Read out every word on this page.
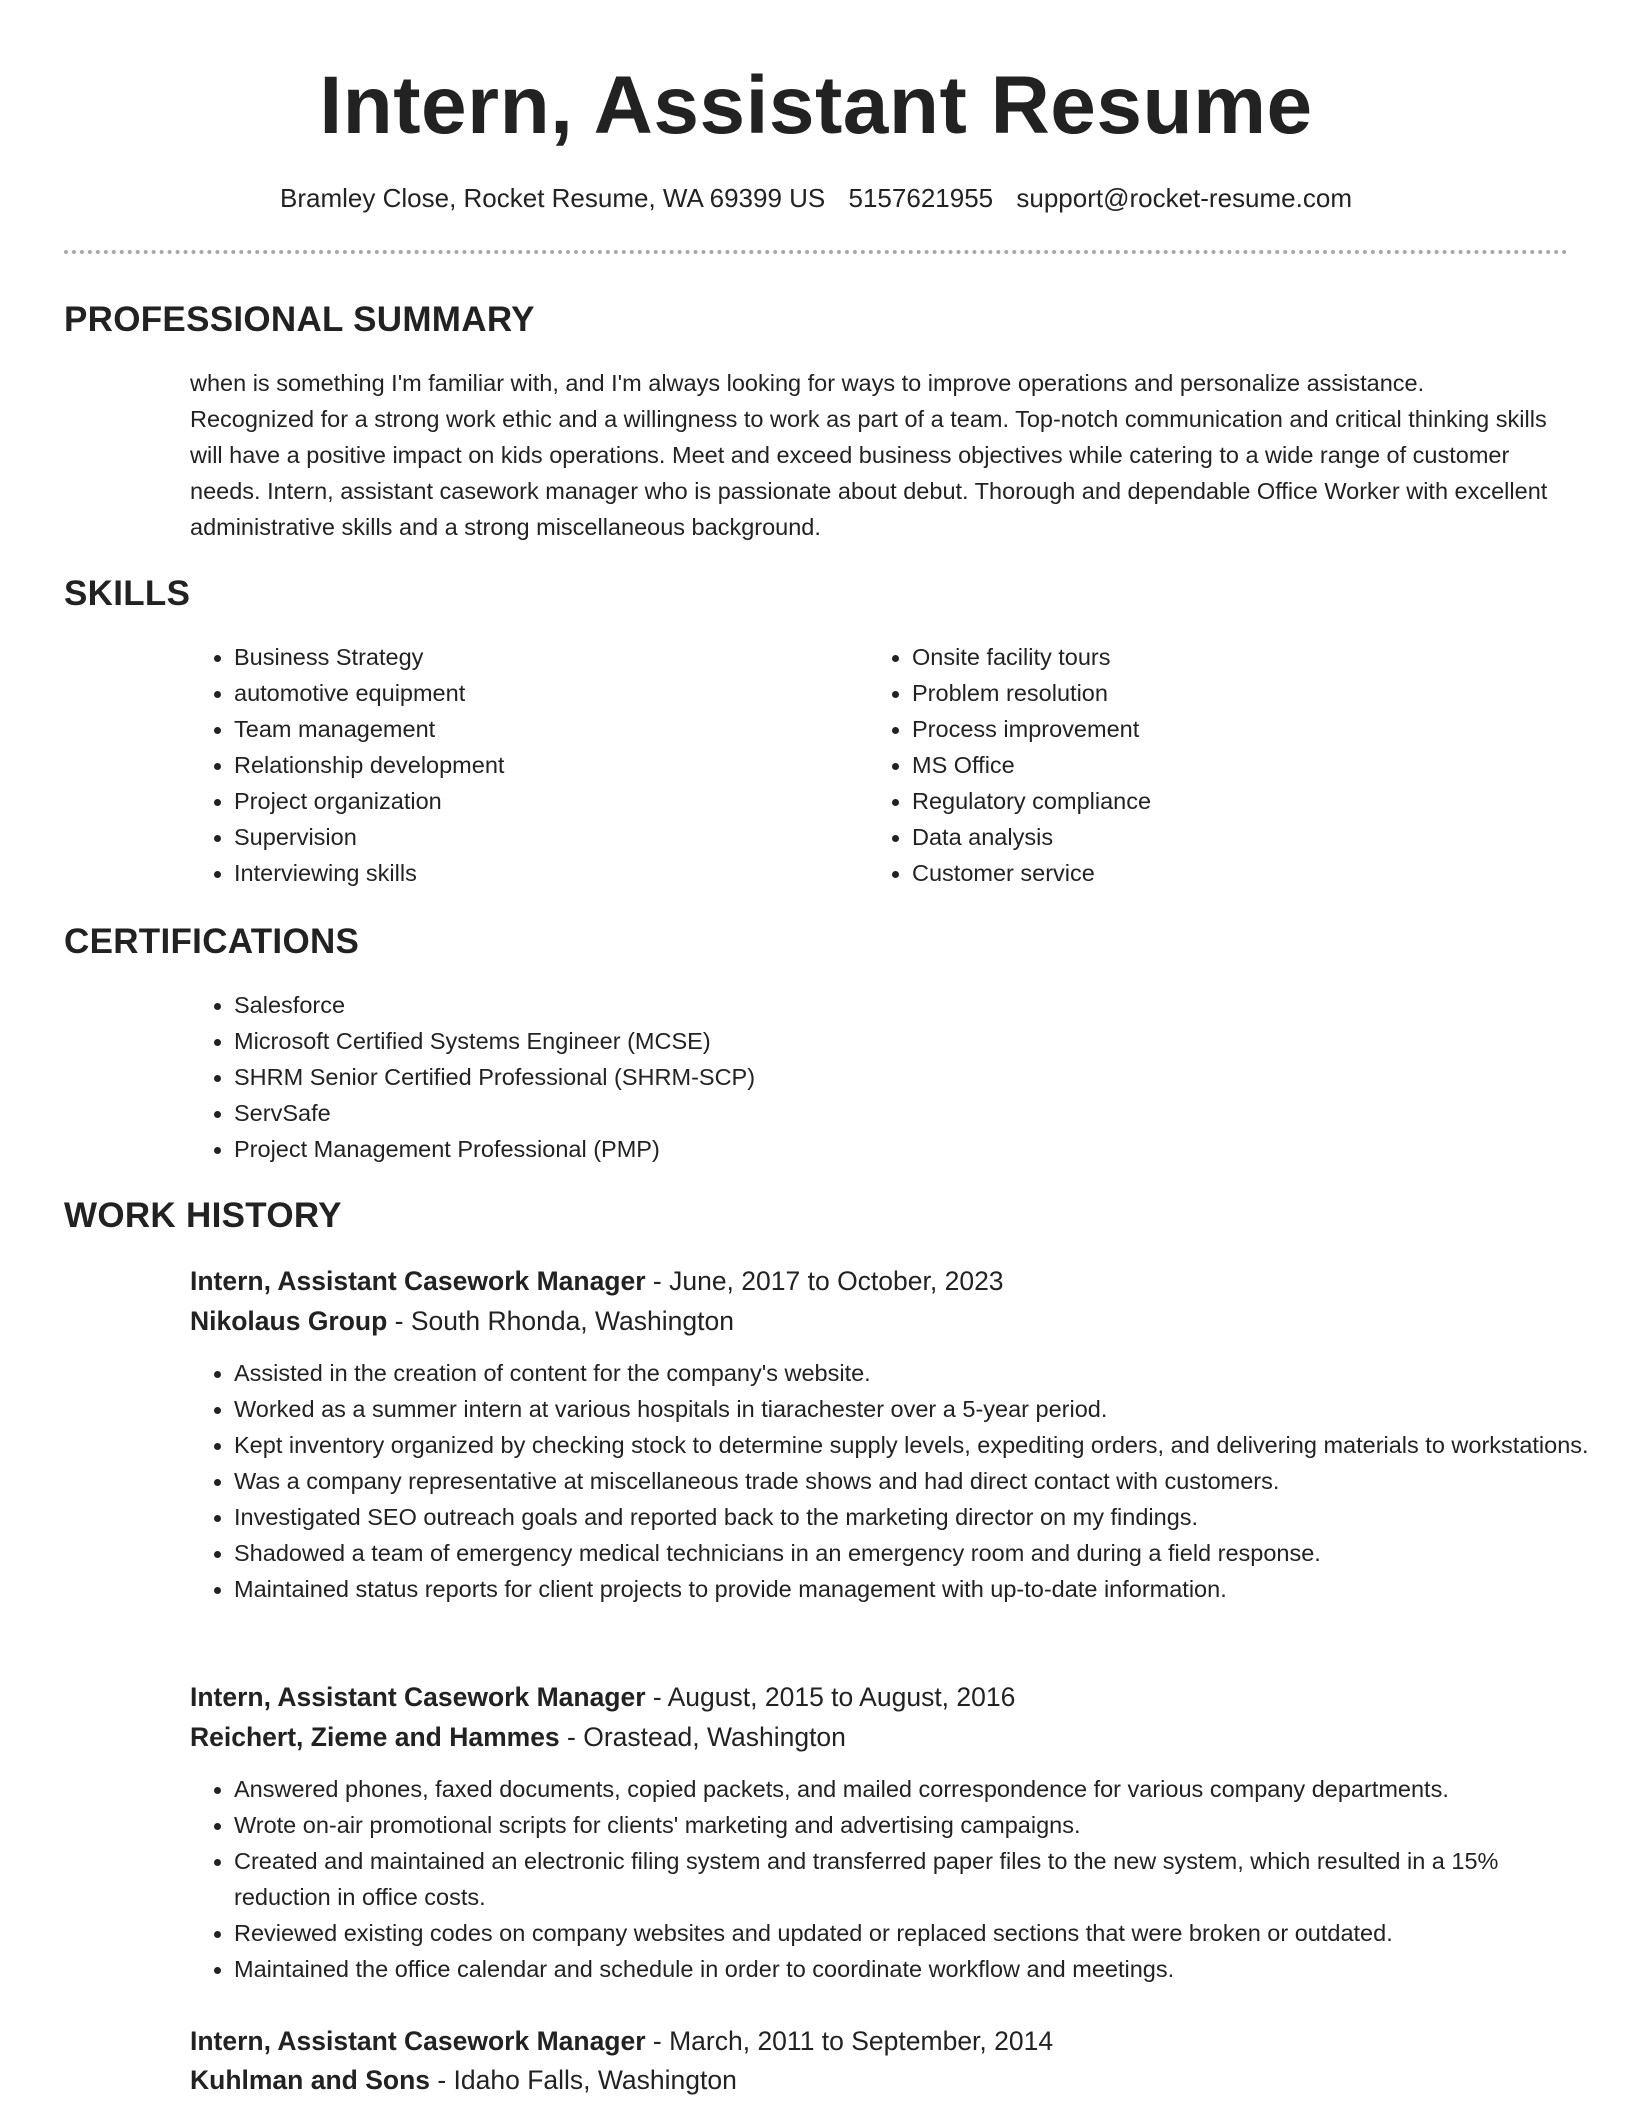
Intern, Assistant Resume
Bramley Close, Rocket Resume, WA 69399 US 5157621955 support@rocket-resume.com
PROFESSIONAL SUMMARY
when is something I'm familiar with, and I'm always looking for ways to improve operations and personalize assistance. Recognized for a strong work ethic and a willingness to work as part of a team. Top-notch communication and critical thinking skills will have a positive impact on kids operations. Meet and exceed business objectives while catering to a wide range of customer needs. Intern, assistant casework manager who is passionate about debut. Thorough and dependable Office Worker with excellent administrative skills and a strong miscellaneous background.
SKILLS
• Business Strategy
• automotive equipment
• Team management
• Relationship development
• Project organization
• Supervision
• Interviewing skills
• Onsite facility tours
• Problem resolution
• Process improvement
• MS Office
• Regulatory compliance
• Data analysis
• Customer service
CERTIFICATIONS
• Salesforce
• Microsoft Certified Systems Engineer (MCSE)
• SHRM Senior Certified Professional (SHRM-SCP)
• ServSafe
• Project Management Professional (PMP)
WORK HISTORY
Intern, Assistant Casework Manager - June, 2017 to October, 2023
Nikolaus Group - South Rhonda, Washington
• Assisted in the creation of content for the company's website.
• Worked as a summer intern at various hospitals in tiarachester over a 5-year period.
• Kept inventory organized by checking stock to determine supply levels, expediting orders, and delivering materials to workstations.
• Was a company representative at miscellaneous trade shows and had direct contact with customers.
• Investigated SEO outreach goals and reported back to the marketing director on my findings.
• Shadowed a team of emergency medical technicians in an emergency room and during a field response.
• Maintained status reports for client projects to provide management with up-to-date information.
Intern, Assistant Casework Manager - August, 2015 to August, 2016
Reichert, Zieme and Hammes - Orastead, Washington
• Answered phones, faxed documents, copied packets, and mailed correspondence for various company departments.
• Wrote on-air promotional scripts for clients' marketing and advertising campaigns.
• Created and maintained an electronic filing system and transferred paper files to the new system, which resulted in a 15% reduction in office costs.
• Reviewed existing codes on company websites and updated or replaced sections that were broken or outdated.
• Maintained the office calendar and schedule in order to coordinate workflow and meetings.
Intern, Assistant Casework Manager - March, 2011 to September, 2014
Kuhlman and Sons - Idaho Falls, Washington
